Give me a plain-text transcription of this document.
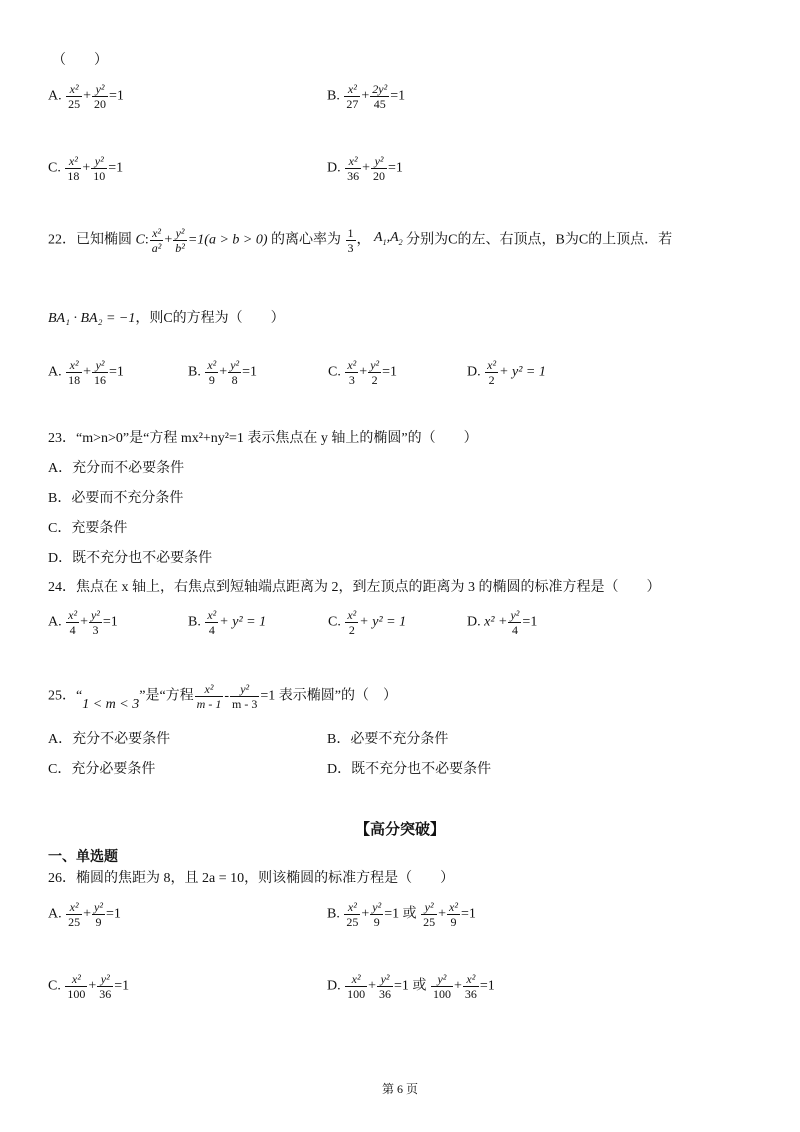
（　　）
A. $\frac{\text{x²}}{25} + \frac{\text{y²}}{20} =1$	B. $\frac{\text{x²}}{27} + \frac{\text{2y²}}{45} =1$
C. $\frac{\text{x²}}{18} + \frac{\text{y²}}{10} =1$	D. $\frac{\text{x²}}{36} + \frac{\text{y²}}{20} =1$
22．已知椭圆 C: $\frac{\text{x²}}{\text{a²}} + \frac{\text{y²}}{\text{b²}} =1(a > b > 0)$ 的离心率为 $\frac{1}{3}$ ， $A_1,A_2$ 分别为C的左、右顶点，B为C的上顶点．若
BA₁ · BA₂ = −1，则C的方程为（　　）
A. $\frac{\text{x²}}{18} + \frac{\text{y²}}{16} =1$	B. $\frac{\text{x²}}{9} + \frac{\text{y²}}{8} =1$	C. $\frac{\text{x²}}{3} + \frac{\text{y²}}{2} =1$	D. $\frac{\text{x²}}{2} + y^2 = 1$
23．“m>n>0”是“方程 mx²+ny²=1 表示焦点在 y 轴上的椭圆”的（　　）
A．充分而不必要条件
B．必要而不充分条件
C．充要条件
D．既不充分也不必要条件
24．焦点在 x 轴上，右焦点到短轴端点距离为 2，到左顶点的距离为 3 的椭圆的标准方程是（　　）
A. $\frac{\text{x²}}{4} + \frac{\text{y²}}{3} =1$	B. $\frac{\text{x²}}{4} + y^2 = 1$	C. $\frac{\text{x²}}{2} + y^2 = 1$	D. $x^2 + \frac{\text{y²}}{4} =1$
25．“1 < m < 3”是“方程 $\frac{\text{x²}}{m - 1} - \frac{\text{y²}}{m - 3} =1$ 表示椭圆”的（　）
A．充分不必要条件	B．必要不充分条件
C．充分必要条件	D．既不充分也不必要条件
【高分突破】
一、单选题
26．椭圆的焦距为 8，且 2a = 10，则该椭圆的标准方程是（　　）
A. $\frac{\text{x²}}{25} + \frac{\text{y²}}{9} =1$	B. $\frac{\text{x²}}{25} + \frac{\text{y²}}{9} =1$ 或 $\frac{\text{y²}}{25} + \frac{\text{x²}}{9} =1$
C. $\frac{\text{x²}}{100} + \frac{\text{y²}}{36} =1$	D. $\frac{\text{x²}}{100} + \frac{\text{y²}}{36} =1$ 或 $\frac{\text{y²}}{100} + \frac{\text{x²}}{36} =1$
第 6 页
